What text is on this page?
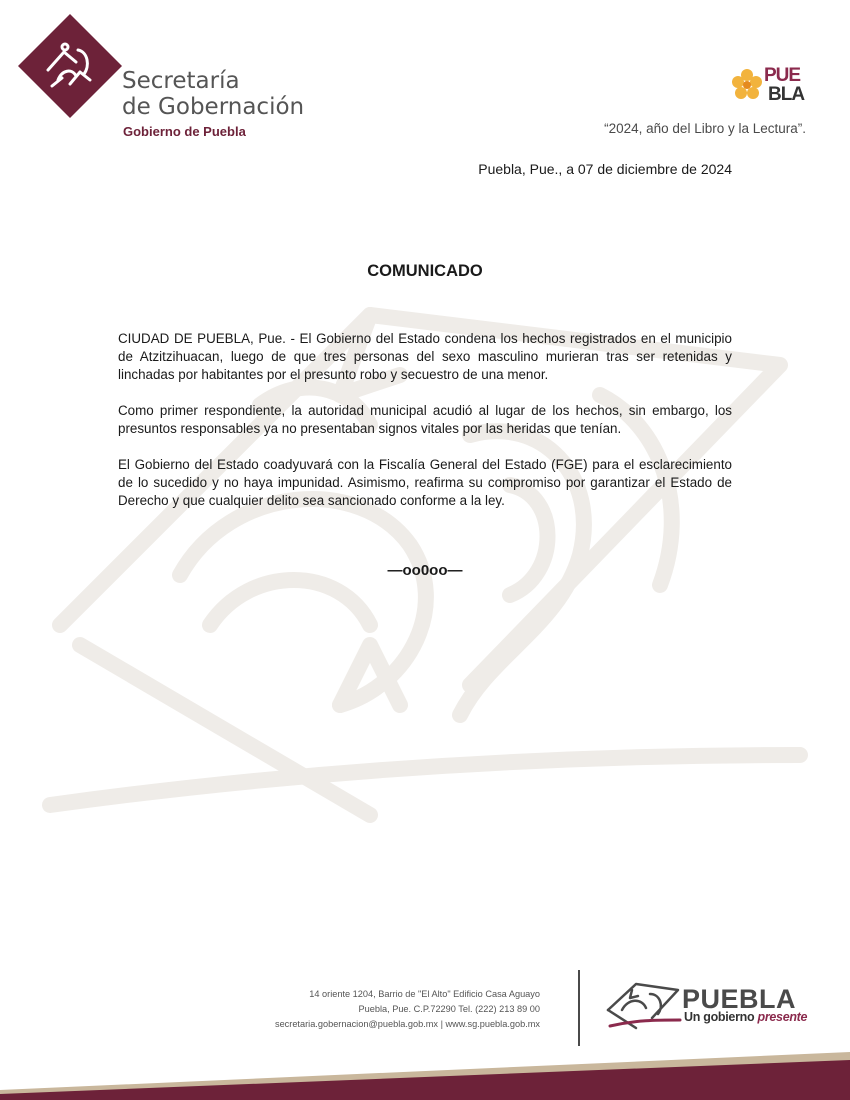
Secretaría
de Gobernación
Gobierno de Puebla
PUE
BLA
“2024, año del Libro y la Lectura”.
Puebla, Pue., a 07 de diciembre de 2024
COMUNICADO

CIUDAD DE PUEBLA, Pue. - El Gobierno del Estado condena los hechos registrados en el municipio de Atzitzihuacan, luego de que tres personas del sexo masculino murieran tras ser retenidas y linchadas por habitantes por el presunto robo y secuestro de una menor.

Como primer respondiente, la autoridad municipal acudió al lugar de los hechos, sin embargo, los presuntos responsables ya no presentaban signos vitales por las heridas que tenían.

El Gobierno del Estado coadyuvará con la Fiscalía General del Estado (FGE) para el esclarecimiento de lo sucedido y no haya impunidad. Asimismo, reafirma su compromiso por garantizar el Estado de Derecho y que cualquier delito sea sancionado conforme a la ley.

—oo0oo—
14 oriente 1204, Barrio de "El Alto" Edificio Casa Aguayo
Puebla, Pue. C.P.72290 Tel. (222) 213 89 00
secretaria.gobernacion@puebla.gob.mx | www.sg.puebla.gob.mx
PUEBLA
Un gobierno presente
